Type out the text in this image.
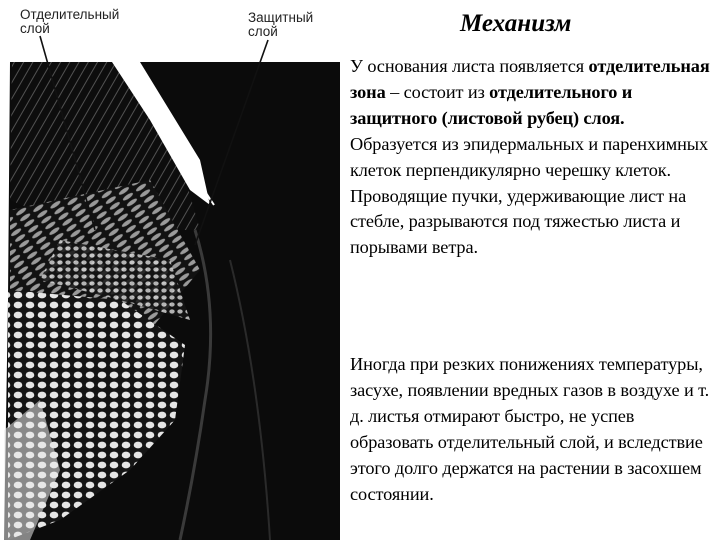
Отделительный
слой
Защитный
слой	Механизм
У основания листа появляется отделительная зона – состоит из отделительного и защитного (листовой рубец) слоя. Образуется из эпидермальных и паренхимных клеток перпендикулярно черешку клеток. Проводящие пучки, удерживающие лист на стебле, разрываются под тяжестью листа и порывами ветра.
Иногда при резких понижениях температуры, засухе, появлении вредных газов в воздухе и т. д. листья отмирают быстро, не успев образовать отделительный слой, и вследствие этого долго держатся на растении в засохшем состоянии.
